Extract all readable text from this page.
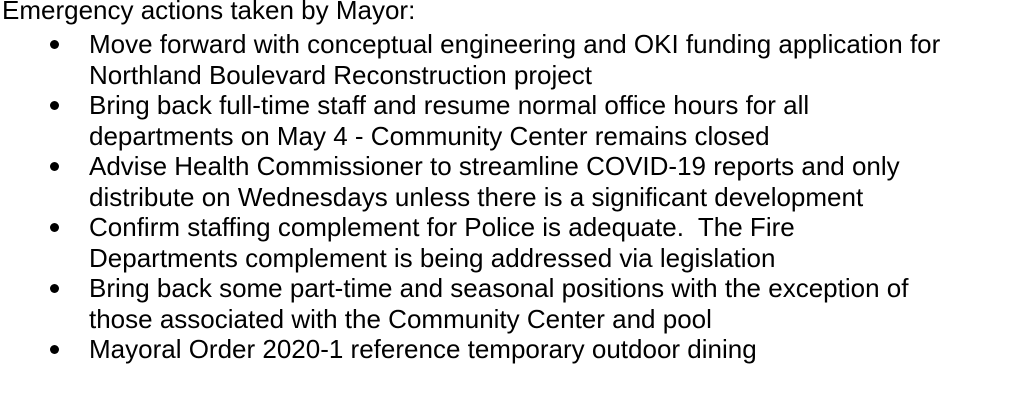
Emergency actions taken by Mayor:
Move forward with conceptual engineering and OKI funding application for
Northland Boulevard Reconstruction project
Bring back full-time staff and resume normal office hours for all
departments on May 4 - Community Center remains closed
Advise Health Commissioner to streamline COVID-19 reports and only
distribute on Wednesdays unless there is a significant development
Confirm staffing complement for Police is adequate.  The Fire
Departments complement is being addressed via legislation
Bring back some part-time and seasonal positions with the exception of
those associated with the Community Center and pool
Mayoral Order 2020-1 reference temporary outdoor dining
